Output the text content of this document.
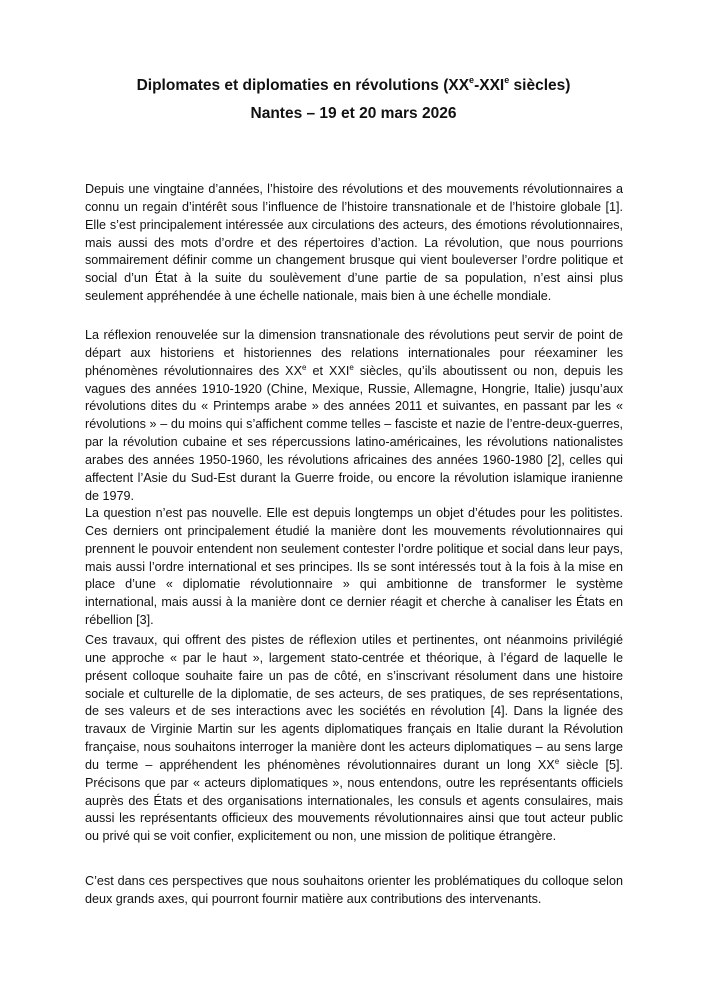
Diplomates et diplomaties en révolutions (XXe-XXIe siècles)
Nantes – 19 et 20 mars 2026

Depuis une vingtaine d’années, l’histoire des révolutions et des mouvements révolutionnaires a connu un regain d’intérêt sous l’influence de l’histoire transnationale et de l’histoire globale [1]. Elle s’est principalement intéressée aux circulations des acteurs, des émotions révolutionnaires, mais aussi des mots d’ordre et des répertoires d’action. La révolution, que nous pourrions sommairement définir comme un changement brusque qui vient bouleverser l’ordre politique et social d’un État à la suite du soulèvement d’une partie de sa population, n’est ainsi plus seulement appréhendée à une échelle nationale, mais bien à une échelle mondiale.

La réflexion renouvelée sur la dimension transnationale des révolutions peut servir de point de départ aux historiens et historiennes des relations internationales pour réexaminer les phénomènes révolutionnaires des XXe et XXIe siècles, qu’ils aboutissent ou non, depuis les vagues des années 1910-1920 (Chine, Mexique, Russie, Allemagne, Hongrie, Italie) jusqu’aux révolutions dites du « Printemps arabe » des années 2011 et suivantes, en passant par les « révolutions » – du moins qui s’affichent comme telles – fasciste et nazie de l’entre-deux-guerres, par la révolution cubaine et ses répercussions latino-américaines, les révolutions nationalistes arabes des années 1950-1960, les révolutions africaines des années 1960-1980 [2], celles qui affectent l’Asie du Sud-Est durant la Guerre froide, ou encore la révolution islamique iranienne de 1979.

La question n’est pas nouvelle. Elle est depuis longtemps un objet d’études pour les politistes. Ces derniers ont principalement étudié la manière dont les mouvements révolutionnaires qui prennent le pouvoir entendent non seulement contester l’ordre politique et social dans leur pays, mais aussi l’ordre international et ses principes. Ils se sont intéressés tout à la fois à la mise en place d’une « diplomatie révolutionnaire » qui ambitionne de transformer le système international, mais aussi à la manière dont ce dernier réagit et cherche à canaliser les États en rébellion [3].

Ces travaux, qui offrent des pistes de réflexion utiles et pertinentes, ont néanmoins privilégié une approche « par le haut », largement stato-centrée et théorique, à l’égard de laquelle le présent colloque souhaite faire un pas de côté, en s’inscrivant résolument dans une histoire sociale et culturelle de la diplomatie, de ses acteurs, de ses pratiques, de ses représentations, de ses valeurs et de ses interactions avec les sociétés en révolution [4]. Dans la lignée des travaux de Virginie Martin sur les agents diplomatiques français en Italie durant la Révolution française, nous souhaitons interroger la manière dont les acteurs diplomatiques – au sens large du terme – appréhendent les phénomènes révolutionnaires durant un long XXe siècle [5]. Précisons que par « acteurs diplomatiques », nous entendons, outre les représentants officiels auprès des États et des organisations internationales, les consuls et agents consulaires, mais aussi les représentants officieux des mouvements révolutionnaires ainsi que tout acteur public ou privé qui se voit confier, explicitement ou non, une mission de politique étrangère.

C’est dans ces perspectives que nous souhaitons orienter les problématiques du colloque selon deux grands axes, qui pourront fournir matière aux contributions des intervenants.
